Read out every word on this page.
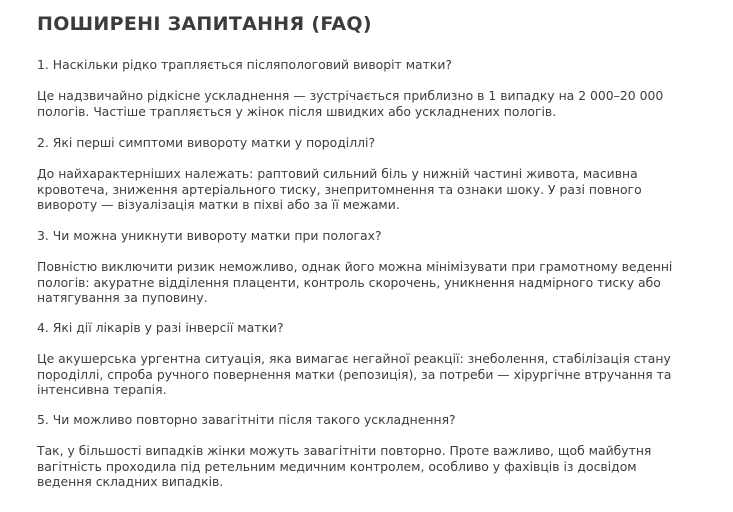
ПОШИРЕНІ ЗАПИТАННЯ (FAQ)

1. Наскільки рідко трапляється післяпологовий виворіт матки?

Це надзвичайно рідкісне ускладнення — зустрічається приблизно в 1 випадку на 2 000–20 000 пологів. Частіше трапляється у жінок після швидких або ускладнених пологів.

2. Які перші симптоми вивороту матки у породіллі?

До найхарактерніших належать: раптовий сильний біль у нижній частині живота, масивна кровотеча, зниження артеріального тиску, знепритомнення та ознаки шоку. У разі повного вивороту — візуалізація матки в піхві або за її межами.

3. Чи можна уникнути вивороту матки при пологах?

Повністю виключити ризик неможливо, однак його можна мінімізувати при грамотному веденні пологів: акуратне відділення плаценти, контроль скорочень, уникнення надмірного тиску або натягування за пуповину.

4. Які дії лікарів у разі інверсії матки?

Це акушерська ургентна ситуація, яка вимагає негайної реакції: знеболення, стабілізація стану породіллі, спроба ручного повернення матки (репозиція), за потреби — хірургічне втручання та інтенсивна терапія.

5. Чи можливо повторно завагітніти після такого ускладнення?

Так, у більшості випадків жінки можуть завагітніти повторно. Проте важливо, щоб майбутня вагітність проходила під ретельним медичним контролем, особливо у фахівців із досвідом ведення складних випадків.
